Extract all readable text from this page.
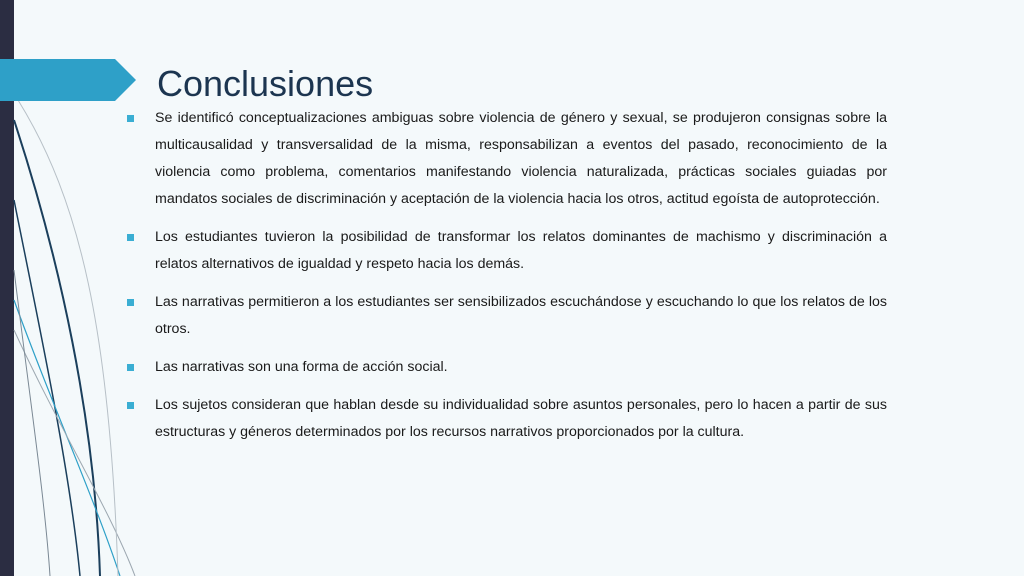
Conclusiones
Se identificó conceptualizaciones ambiguas sobre violencia de género y sexual, se produjeron consignas sobre la multicausalidad y transversalidad de la misma, responsabilizan a eventos del pasado, reconocimiento de la violencia como problema, comentarios manifestando violencia naturalizada, prácticas sociales guiadas por mandatos sociales de discriminación y aceptación de la violencia hacia los otros, actitud egoísta de autoprotección.
Los estudiantes tuvieron la posibilidad de transformar los relatos dominantes de machismo y discriminación a relatos alternativos de igualdad y respeto hacia los demás.
Las narrativas permitieron a los estudiantes ser sensibilizados escuchándose y escuchando lo que los relatos de los otros.
Las narrativas son una forma de acción social.
Los sujetos consideran que hablan desde su individualidad sobre asuntos personales, pero lo hacen a partir de sus estructuras y géneros determinados por los recursos narrativos proporcionados por la cultura.
